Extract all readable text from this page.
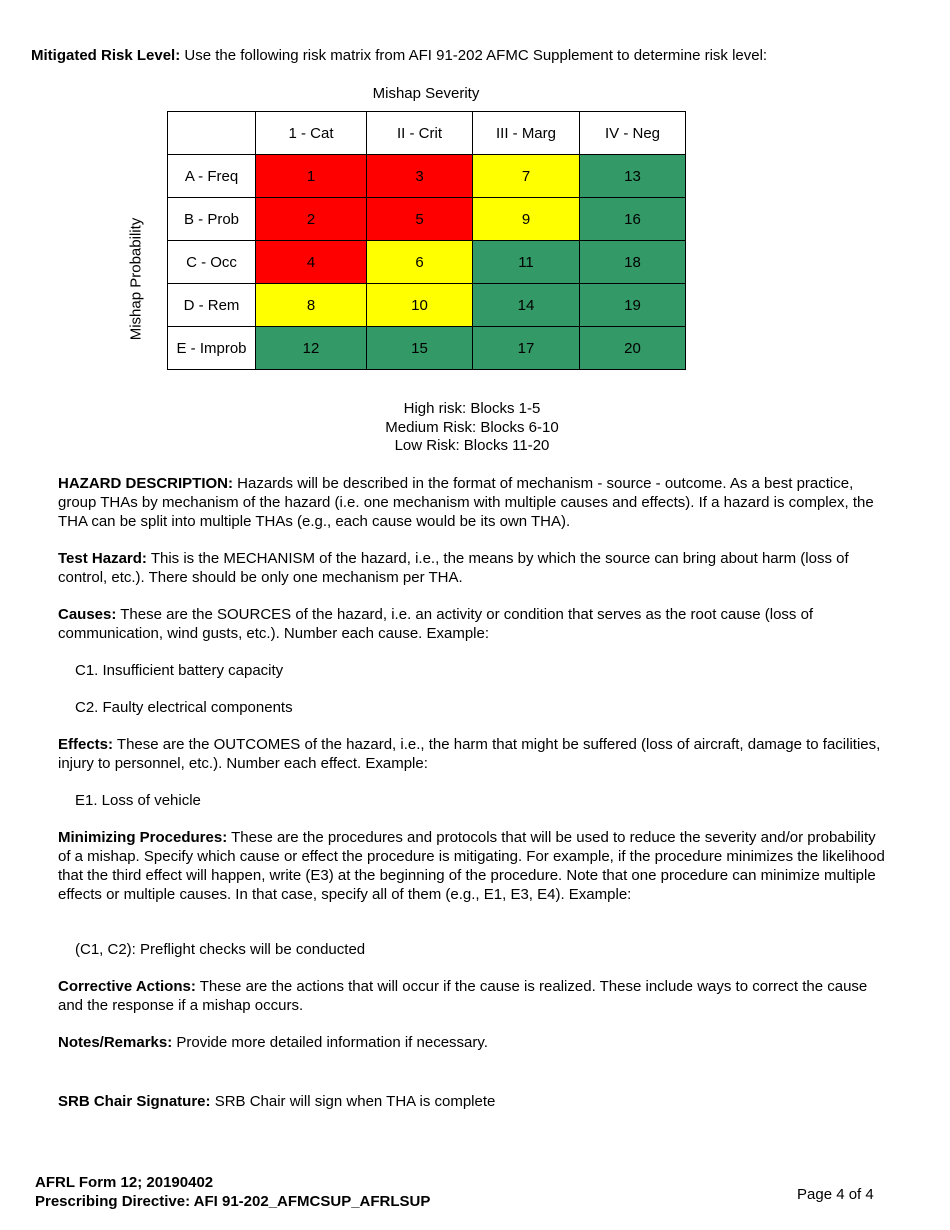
Mitigated Risk Level: Use the following risk matrix from AFI 91-202 AFMC Supplement to determine risk level:
Mishap Severity
Mishap Probability
	1 - Cat	II - Crit	III - Marg	IV - Neg
A - Freq	1	3	7	13
B - Prob	2	5	9	16
C - Occ	4	6	11	18
D - Rem	8	10	14	19
E - Improb	12	15	17	20
High risk: Blocks 1-5
Medium Risk: Blocks 6-10
Low Risk: Blocks 11-20
HAZARD DESCRIPTION: Hazards will be described in the format of mechanism - source - outcome. As a best practice, group THAs by mechanism of the hazard (i.e. one mechanism with multiple causes and effects). If a hazard is complex, the THA can be split into multiple THAs (e.g., each cause would be its own THA).
Test Hazard: This is the MECHANISM of the hazard, i.e., the means by which the source can bring about harm (loss of control, etc.). There should be only one mechanism per THA.
Causes: These are the SOURCES of the hazard, i.e. an activity or condition that serves as the root cause (loss of communication, wind gusts, etc.). Number each cause. Example:
C1. Insufficient battery capacity
C2. Faulty electrical components
Effects: These are the OUTCOMES of the hazard, i.e., the harm that might be suffered (loss of aircraft, damage to facilities, injury to personnel, etc.). Number each effect. Example:
E1. Loss of vehicle
Minimizing Procedures: These are the procedures and protocols that will be used to reduce the severity and/or probability of a mishap. Specify which cause or effect the procedure is mitigating. For example, if the procedure minimizes the likelihood that the third effect will happen, write (E3) at the beginning of the procedure. Note that one procedure can minimize multiple effects or multiple causes. In that case, specify all of them (e.g., E1, E3, E4). Example:
(C1, C2): Preflight checks will be conducted
Corrective Actions: These are the actions that will occur if the cause is realized. These include ways to correct the cause and the response if a mishap occurs.
Notes/Remarks: Provide more detailed information if necessary.
SRB Chair Signature: SRB Chair will sign when THA is complete
AFRL Form 12; 20190402
Prescribing Directive: AFI 91-202_AFMCSUP_AFRLSUP	Page 4 of 4
